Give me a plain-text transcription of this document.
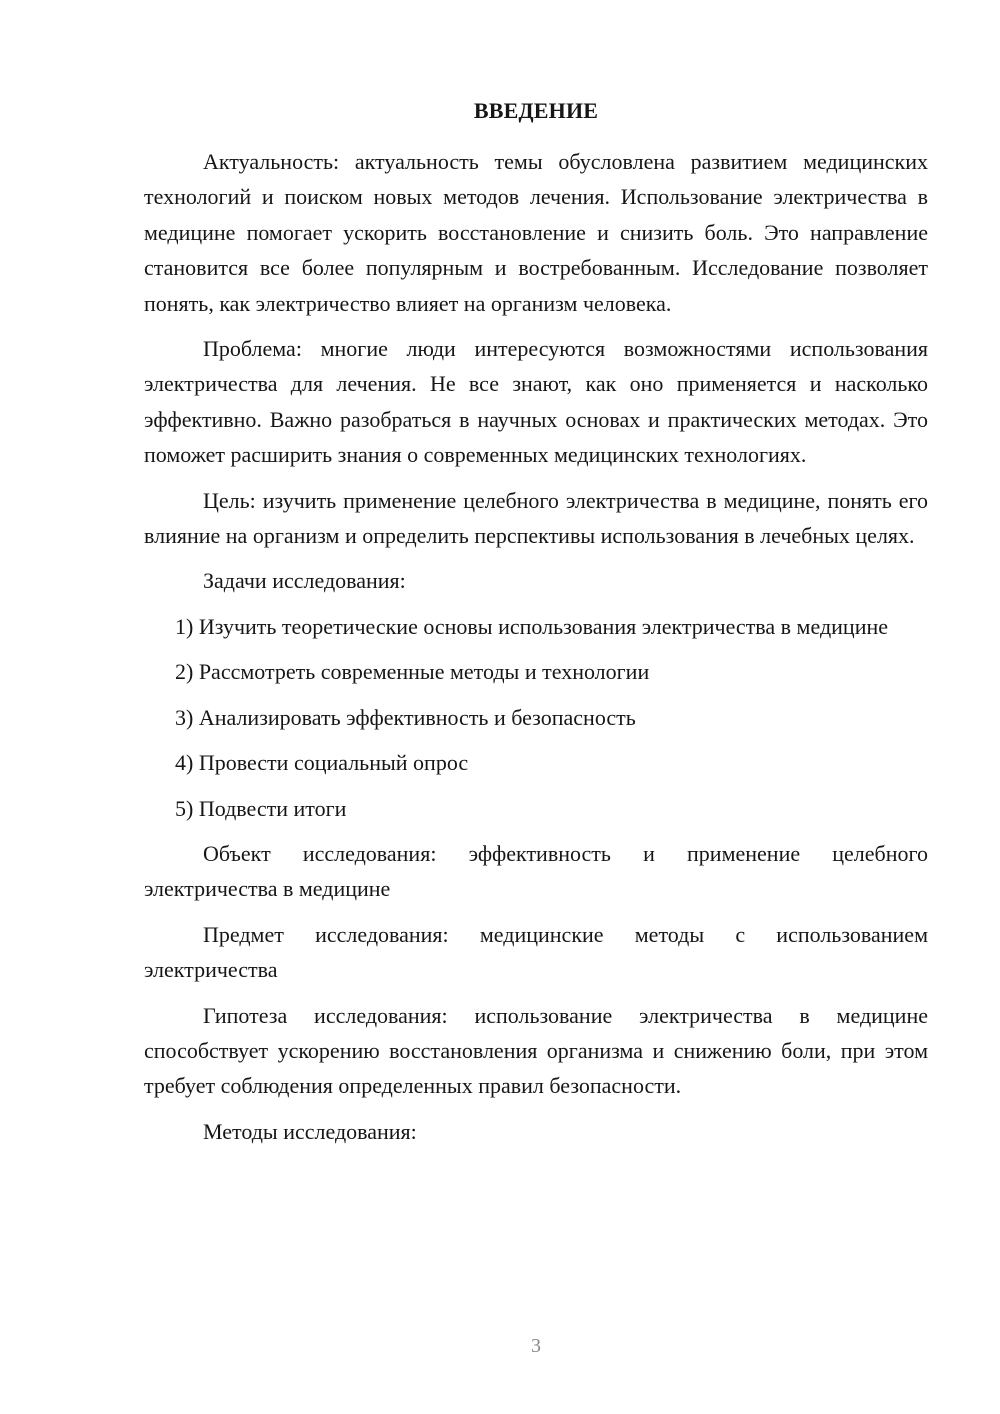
ВВЕДЕНИЕ

Актуальность: актуальность темы обусловлена развитием медицинских технологий и поиском новых методов лечения. Использование электричества в медицине помогает ускорить восстановление и снизить боль. Это направление становится все более популярным и востребованным. Исследование позволяет понять, как электричество влияет на организм человека.

Проблема: многие люди интересуются возможностями использования электричества для лечения. Не все знают, как оно применяется и насколько эффективно. Важно разобраться в научных основах и практических методах. Это поможет расширить знания о современных медицинских технологиях.

Цель: изучить применение целебного электричества в медицине, понять его влияние на организм и определить перспективы использования в лечебных целях.

Задачи исследования:

1) Изучить теоретические основы использования электричества в медицине

2) Рассмотреть современные методы и технологии

3) Анализировать эффективность и безопасность

4) Провести социальный опрос

5) Подвести итоги

Объект исследования: эффективность и применение целебного электричества в медицине

Предмет исследования: медицинские методы с использованием электричества

Гипотеза исследования: использование электричества в медицине способствует ускорению восстановления организма и снижению боли, при этом требует соблюдения определенных правил безопасности.

Методы исследования:

3
